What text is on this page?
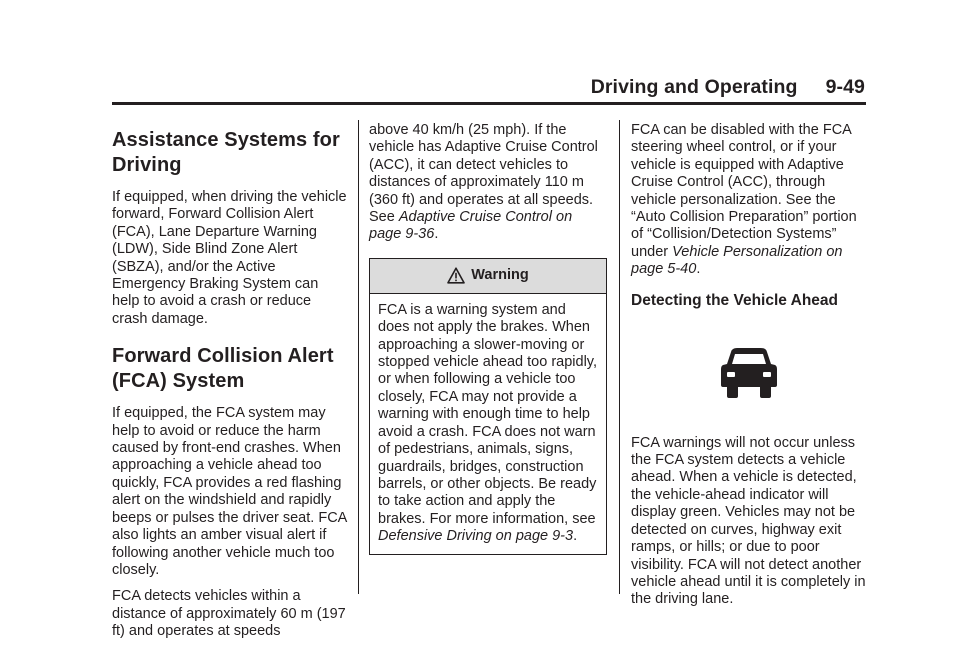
Driving and Operating 9-49
Assistance Systems for Driving

If equipped, when driving the vehicle forward, Forward Collision Alert (FCA), Lane Departure Warning (LDW), Side Blind Zone Alert (SBZA), and/or the Active Emergency Braking System can help to avoid a crash or reduce crash damage.

Forward Collision Alert (FCA) System

If equipped, the FCA system may help to avoid or reduce the harm caused by front-end crashes. When approaching a vehicle ahead too quickly, FCA provides a red flashing alert on the windshield and rapidly beeps or pulses the driver seat. FCA also lights an amber visual alert if following another vehicle much too closely.

FCA detects vehicles within a distance of approximately 60 m (197 ft) and operates at speeds

above 40 km/h (25 mph). If the vehicle has Adaptive Cruise Control (ACC), it can detect vehicles to distances of approximately 110 m (360 ft) and operates at all speeds. See Adaptive Cruise Control on page 9-36.

Warning
FCA is a warning system and does not apply the brakes. When approaching a slower-moving or stopped vehicle ahead too rapidly, or when following a vehicle too closely, FCA may not provide a warning with enough time to help avoid a crash. FCA does not warn of pedestrians, animals, signs, guardrails, bridges, construction barrels, or other objects. Be ready to take action and apply the brakes. For more information, see Defensive Driving on page 9-3.

FCA can be disabled with the FCA steering wheel control, or if your vehicle is equipped with Adaptive Cruise Control (ACC), through vehicle personalization. See the “Auto Collision Preparation” portion of “Collision/Detection Systems” under Vehicle Personalization on page 5-40.

Detecting the Vehicle Ahead

FCA warnings will not occur unless the FCA system detects a vehicle ahead. When a vehicle is detected, the vehicle-ahead indicator will display green. Vehicles may not be detected on curves, highway exit ramps, or hills; or due to poor visibility. FCA will not detect another vehicle ahead until it is completely in the driving lane.
